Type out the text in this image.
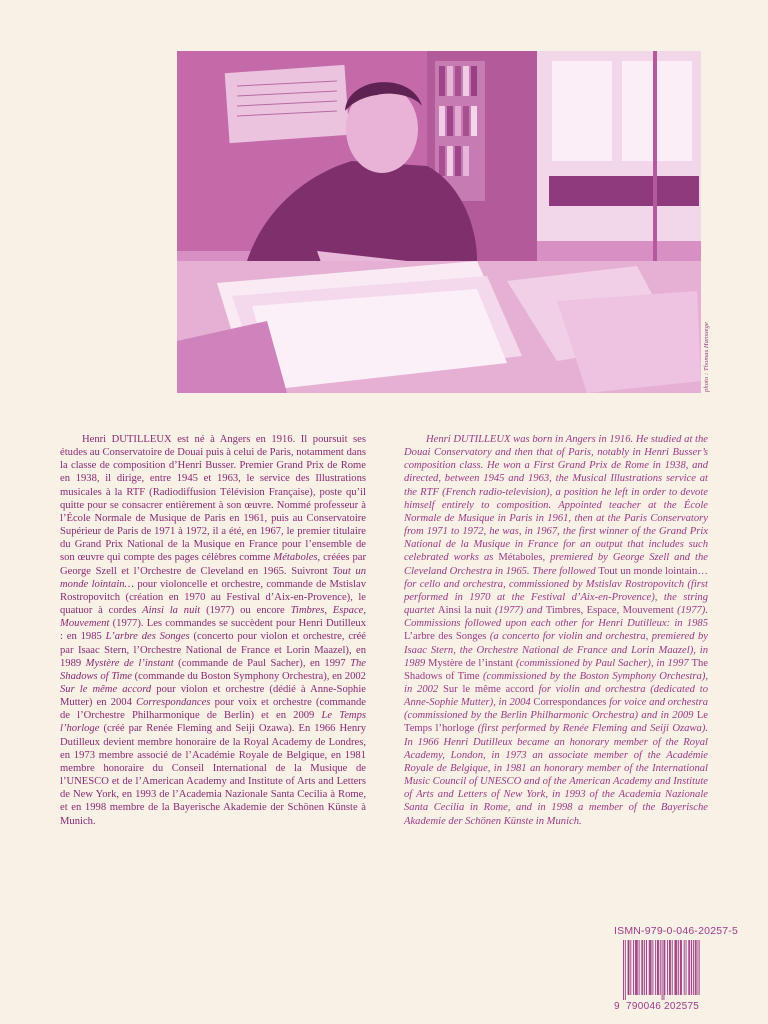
photo : Thomas Hanssege

Henri DUTILLEUX est né à Angers en 1916. Il poursuit ses études au Conservatoire de Douai puis à celui de Paris, notamment dans la classe de composition d’Henri Busser. Premier Grand Prix de Rome en 1938, il dirige, entre 1945 et 1963, le service des Illustrations musicales à la RTF (Radiodiffusion Télévision Française), poste qu’il quitte pour se consacrer entièrement à son œuvre. Nommé professeur à l’École Normale de Musique de Paris en 1961, puis au Conservatoire Supérieur de Paris de 1971 à 1972, il a été, en 1967, le premier titulaire du Grand Prix National de la Musique en France pour l’ensemble de son œuvre qui compte des pages célèbres comme Métaboles, créées par George Szell et l’Orchestre de Cleveland en 1965. Suivront Tout un monde lointain… pour violoncelle et orchestre, commande de Mstislav Rostropovitch (création en 1970 au Festival d’Aix-en-Provence), le quatuor à cordes Ainsi la nuit (1977) ou encore Timbres, Espace, Mouvement (1977). Les commandes se succèdent pour Henri Dutilleux : en 1985 L’arbre des Songes (concerto pour violon et orchestre, créé par Isaac Stern, l’Orchestre National de France et Lorin Maazel), en 1989 Mystère de l’instant (commande de Paul Sacher), en 1997 The Shadows of Time (commande du Boston Symphony Orchestra), en 2002 Sur le même accord pour violon et orchestre (dédié à Anne-Sophie Mutter) en 2004 Correspondances pour voix et orchestre (commande de l’Orchestre Philharmonique de Berlin) et en 2009 Le Temps l’horloge (créé par Renée Fleming and Seiji Ozawa). En 1966 Henry Dutilleux devient membre honoraire de la Royal Academy de Londres, en 1973 membre associé de l’Académie Royale de Belgique, en 1981 membre honoraire du Conseil International de la Musique de l’UNESCO et de l’American Academy and Institute of Arts and Letters de New York, en 1993 de l’Academia Nazionale Santa Cecilia à Rome, et en 1998 membre de la Bayerische Akademie der Schönen Künste à Munich.

Henri DUTILLEUX was born in Angers in 1916. He studied at the Douai Conservatory and then that of Paris, notably in Henri Busser’s composition class. He won a First Grand Prix de Rome in 1938, and directed, between 1945 and 1963, the Musical Illustrations service at the RTF (French radio-television), a position he left in order to devote himself entirely to composition. Appointed teacher at the École Normale de Musique in Paris in 1961, then at the Paris Conservatory from 1971 to 1972, he was, in 1967, the first winner of the Grand Prix National de la Musique in France for an output that includes such celebrated works as Métaboles, premiered by George Szell and the Cleveland Orchestra in 1965. There followed Tout un monde lointain… for cello and orchestra, commissioned by Mstislav Rostropovitch (first performed in 1970 at the Festival d’Aix-en-Provence), the string quartet Ainsi la nuit (1977) and Timbres, Espace, Mouvement (1977). Commissions followed upon each other for Henri Dutilleux: in 1985 L’arbre des Songes (a concerto for violin and orchestra, premiered by Isaac Stern, the Orchestre National de France and Lorin Maazel), in 1989 Mystère de l’instant (commissioned by Paul Sacher), in 1997 The Shadows of Time (commissioned by the Boston Symphony Orchestra), in 2002 Sur le même accord for violin and orchestra (dedicated to Anne-Sophie Mutter), in 2004 Correspondances for voice and orchestra (commissioned by the Berlin Philharmonic Orchestra) and in 2009 Le Temps l’horloge (first performed by Renée Fleming and Seiji Ozawa). In 1966 Henri Dutilleux became an honorary member of the Royal Academy, London, in 1973 an associate member of the Académie Royale de Belgique, in 1981 an honorary member of the International Music Council of UNESCO and of the American Academy and Institute of Arts and Letters of New York, in 1993 of the Academia Nazionale Santa Cecilia in Rome, and in 1998 a member of the Bayerische Akademie der Schönen Künste in Munich.

ISMN-979-0-046-20257-5
9 790046 202575
